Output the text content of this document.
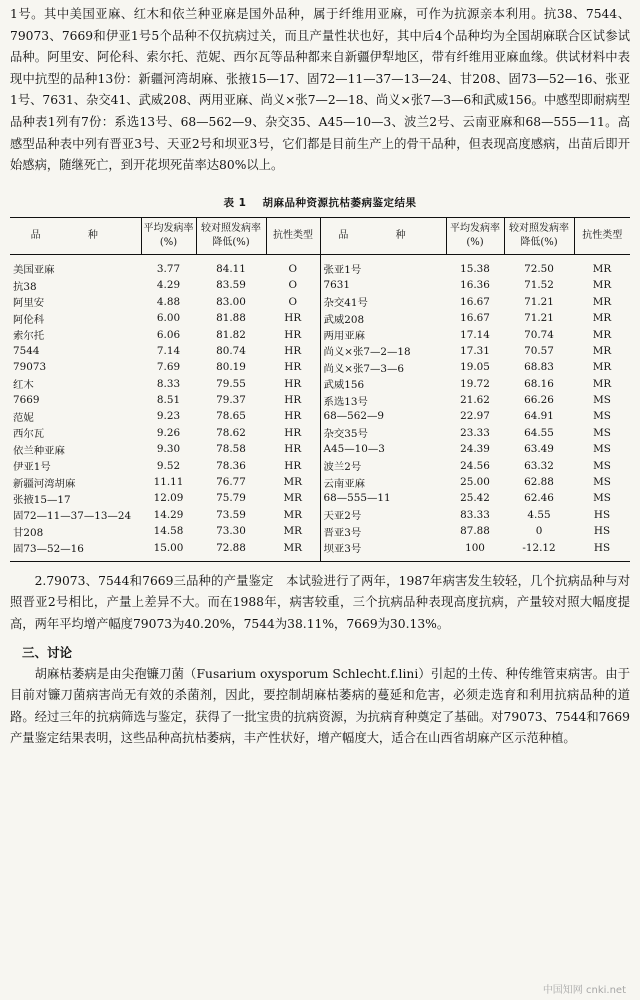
1号。其中美国亚麻、红木和依兰种亚麻是国外品种，属于纤维用亚麻，可作为抗源亲本利用。抗38、7544、79073、7669和伊亚1号5个品种不仅抗病过关，而且产量性状也好，其中后4个品种均为全国胡麻联合区试参试品种。阿里安、阿伦科、索尔托、范妮、西尔瓦等品种都来自新疆伊犁地区，带有纤维用亚麻血缘。供试材料中表现中抗型的品种13份：新疆河湾胡麻、张掖15—17、固72—11—37—13—24、甘208、固73—52—16、张亚1号、7631、杂交41、武威208、两用亚麻、尚义×张7—2—18、尚义×张7—3—6和武威156。中感型即耐病型品种表1列有7份：系选13号、68—562—9、杂交35、A45—10—3、波兰2号、云南亚麻和68—555—11。高感型品种表中列有晋亚3号、天亚2号和坝亚3号，它们都是目前生产上的骨干品种，但表现高度感病，出苗后即开始感病，随继死亡，到开花坝死苗率达80%以上。

表 1 胡麻品种资源抗枯萎病鉴定结果
品 种	平均发病率(%)	较对照发病率降低(%)	抗性类型	品 种	平均发病率(%)	较对照发病率降低(%)	抗性类型
美国亚麻	3.77	84.11	O	张亚1号	15.38	72.50	MR
抗38	4.29	83.59	O	7631	16.36	71.52	MR
阿里安	4.88	83.00	O	杂交41号	16.67	71.21	MR
阿伦科	6.00	81.88	HR	武威208	16.67	71.21	MR
索尔托	6.06	81.82	HR	两用亚麻	17.14	70.74	MR
7544	7.14	80.74	HR	尚义×张7—2—18	17.31	70.57	MR
79073	7.69	80.19	HR	尚义×张7—3—6	19.05	68.83	MR
红木	8.33	79.55	HR	武威156	19.72	68.16	MR
7669	8.51	79.37	HR	系选13号	21.62	66.26	MS
范妮	9.23	78.65	HR	68—562—9	22.97	64.91	MS
西尔瓦	9.26	78.62	HR	杂交35号	23.33	64.55	MS
依兰种亚麻	9.30	78.58	HR	A45—10—3	24.39	63.49	MS
伊亚1号	9.52	78.36	HR	波兰2号	24.56	63.32	MS
新疆河湾胡麻	11.11	76.77	MR	云南亚麻	25.00	62.88	MS
张掖15—17	12.09	75.79	MR	68—555—11	25.42	62.46	MS
固72—11—37—13—24	14.29	73.59	MR	天亚2号	83.33	4.55	HS
甘208	14.58	73.30	MR	晋亚3号	87.88	0	HS
固73—52—16	15.00	72.88	MR	坝亚3号	100	-12.12	HS

2.79073、7544和7669三品种的产量鉴定　本试验进行了两年，1987年病害发生较轻，几个抗病品种与对照晋亚2号相比，产量上差异不大。而在1988年，病害较重，三个抗病品种表现高度抗病，产量较对照大幅度提高，两年平均增产幅度79073为40.20%，7544为38.11%，7669为30.13%。

三、讨论

胡麻枯萎病是由尖孢镰刀菌（Fusarium oxysporum Schlecht.f.lini）引起的土传、种传维管束病害。由于目前对镰刀菌病害尚无有效的杀菌剂，因此，要控制胡麻枯萎病的蔓延和危害，必须走选育和利用抗病品种的道路。经过三年的抗病筛选与鉴定，获得了一批宝贵的抗病资源，为抗病育种奠定了基础。对79073、7544和7669产量鉴定结果表明，这些品种高抗枯萎病，丰产性状好，增产幅度大，适合在山西省胡麻产区示范种植。

中国知网 cnki.net
